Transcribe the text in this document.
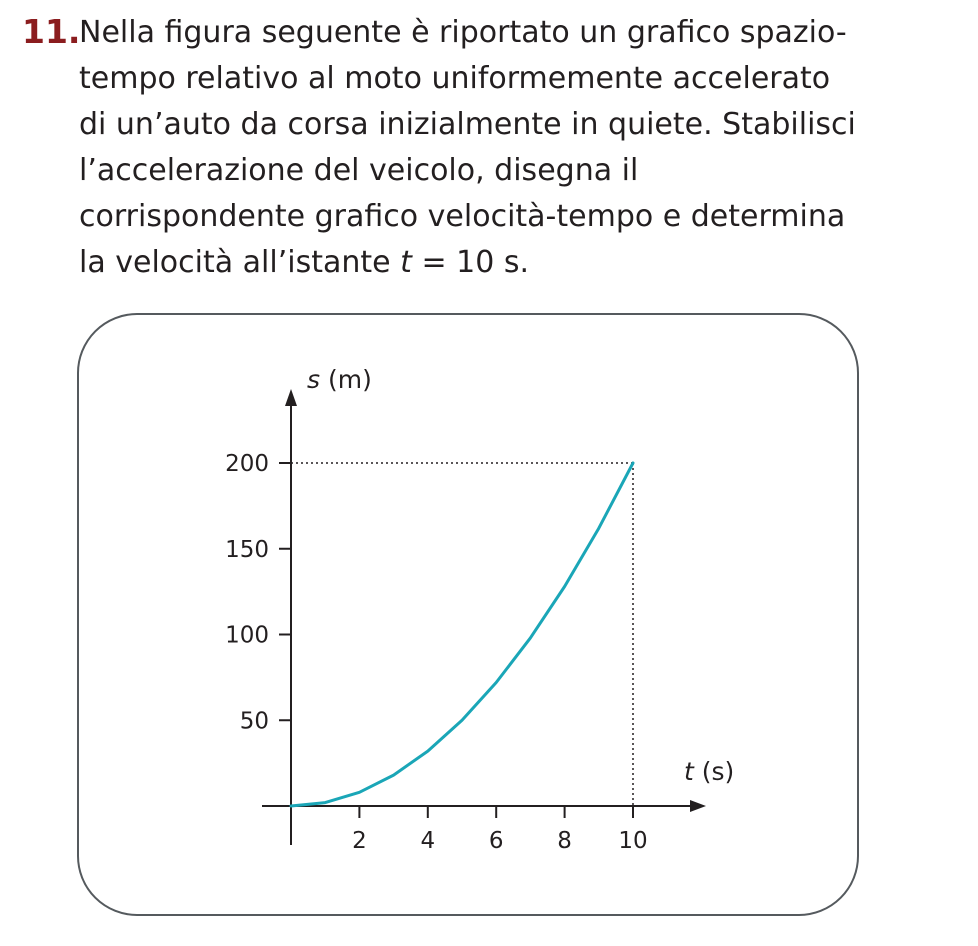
11.
Nella figura seguente è riportato un grafico spazio-
tempo relativo al moto uniformemente accelerato
di un’auto da corsa inizialmente in quiete. Stabilisci
l’accelerazione del veicolo, disegna il
corrispondente grafico velocità-tempo e determina
la velocità all’istante t = 10 s.
2 4 6 8 10
50
100
150
200
s (m)
t (s)
